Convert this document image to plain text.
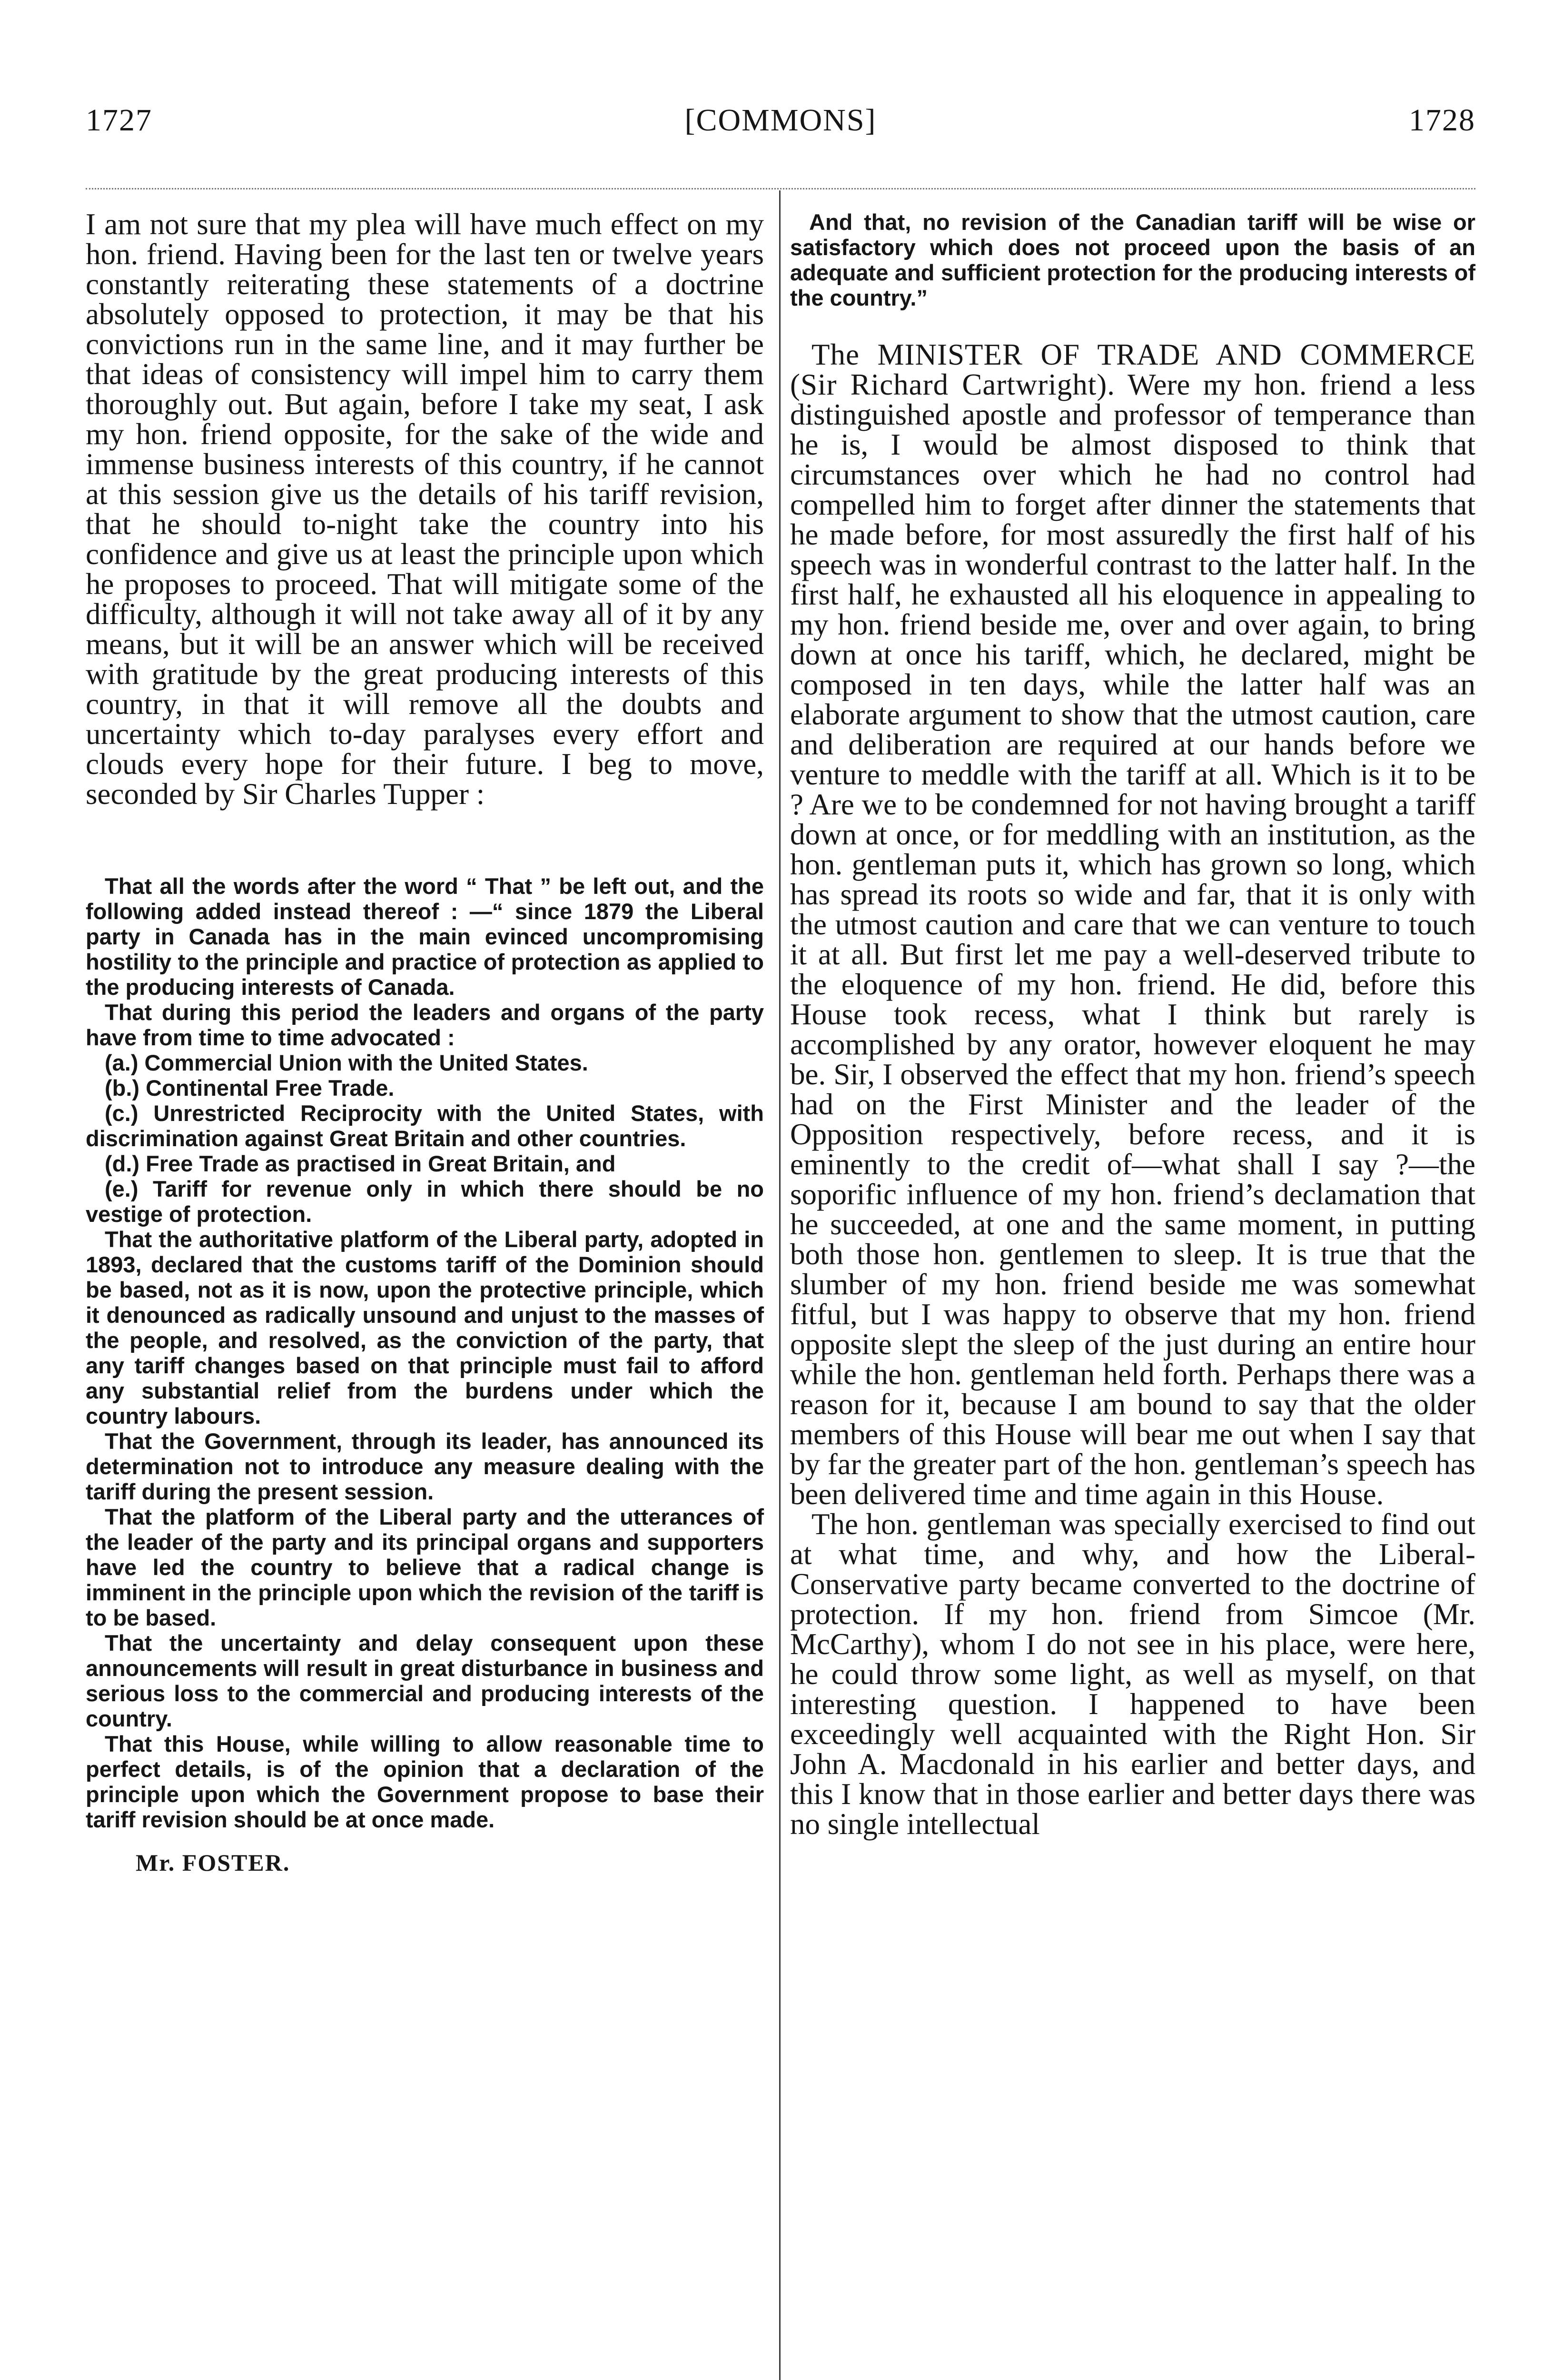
1727	[COMMONS]	1728

I am not sure that my plea will have much effect on my hon. friend. Having been for the last ten or twelve years constantly reiterating these statements of a doctrine absolutely opposed to protection, it may be that his convictions run in the same line, and it may further be that ideas of consistency will impel him to carry them thoroughly out. But again, before I take my seat, I ask my hon. friend opposite, for the sake of the wide and immense business interests of this country, if he cannot at this session give us the details of his tariff revision, that he should to-night take the country into his confidence and give us at least the principle upon which he proposes to proceed. That will mitigate some of the difficulty, although it will not take away all of it by any means, but it will be an answer which will be received with gratitude by the great producing interests of this country, in that it will remove all the doubts and uncertainty which to-day paralyses every effort and clouds every hope for their future. I beg to move, seconded by Sir Charles Tupper :

That all the words after the word “ That ” be left out, and the following added instead thereof : —“ since 1879 the Liberal party in Canada has in the main evinced uncompromising hostility to the principle and practice of protection as applied to the producing interests of Canada.

That during this period the leaders and organs of the party have from time to time advocated :

(a.) Commercial Union with the United States.

(b.) Continental Free Trade.

(c.) Unrestricted Reciprocity with the United States, with discrimination against Great Britain and other countries.

(d.) Free Trade as practised in Great Britain, and

(e.) Tariff for revenue only in which there should be no vestige of protection.

That the authoritative platform of the Liberal party, adopted in 1893, declared that the customs tariff of the Dominion should be based, not as it is now, upon the protective principle, which it denounced as radically unsound and unjust to the masses of the people, and resolved, as the conviction of the party, that any tariff changes based on that principle must fail to afford any substantial relief from the burdens under which the country labours.

That the Government, through its leader, has announced its determination not to introduce any measure dealing with the tariff during the present session.

That the platform of the Liberal party and the utterances of the leader of the party and its principal organs and supporters have led the country to believe that a radical change is imminent in the principle upon which the revision of the tariff is to be based.

That the uncertainty and delay consequent upon these announcements will result in great disturbance in business and serious loss to the commercial and producing interests of the country.

That this House, while willing to allow reasonable time to perfect details, is of the opinion that a declaration of the principle upon which the Government propose to base their tariff revision should be at once made.

Mr. FOSTER.

And that, no revision of the Canadian tariff will be wise or satisfactory which does not proceed upon the basis of an adequate and sufficient protection for the producing interests of the country.”

The MINISTER OF TRADE AND COMMERCE (Sir Richard Cartwright). Were my hon. friend a less distinguished apostle and professor of temperance than he is, I would be almost disposed to think that circumstances over which he had no control had compelled him to forget after dinner the statements that he made before, for most assuredly the first half of his speech was in wonderful contrast to the latter half. In the first half, he exhausted all his eloquence in appealing to my hon. friend beside me, over and over again, to bring down at once his tariff, which, he declared, might be composed in ten days, while the latter half was an elaborate argument to show that the utmost caution, care and deliberation are required at our hands before we venture to meddle with the tariff at all. Which is it to be ? Are we to be condemned for not having brought a tariff down at once, or for meddling with an institution, as the hon. gentleman puts it, which has grown so long, which has spread its roots so wide and far, that it is only with the utmost caution and care that we can venture to touch it at all. But first let me pay a well-deserved tribute to the eloquence of my hon. friend. He did, before this House took recess, what I think but rarely is accomplished by any orator, however eloquent he may be. Sir, I observed the effect that my hon. friend’s speech had on the First Minister and the leader of the Opposition respectively, before recess, and it is eminently to the credit of—what shall I say ?—the soporific influence of my hon. friend’s declamation that he succeeded, at one and the same moment, in putting both those hon. gentlemen to sleep. It is true that the slumber of my hon. friend beside me was somewhat fitful, but I was happy to observe that my hon. friend opposite slept the sleep of the just during an entire hour while the hon. gentleman held forth. Perhaps there was a reason for it, because I am bound to say that the older members of this House will bear me out when I say that by far the greater part of the hon. gentleman’s speech has been delivered time and time again in this House.

The hon. gentleman was specially exercised to find out at what time, and why, and how the Liberal-Conservative party became converted to the doctrine of protection. If my hon. friend from Simcoe (Mr. McCarthy), whom I do not see in his place, were here, he could throw some light, as well as myself, on that interesting question. I happened to have been exceedingly well acquainted with the Right Hon. Sir John A. Macdonald in his earlier and better days, and this I know that in those earlier and better days there was no single intellectual
